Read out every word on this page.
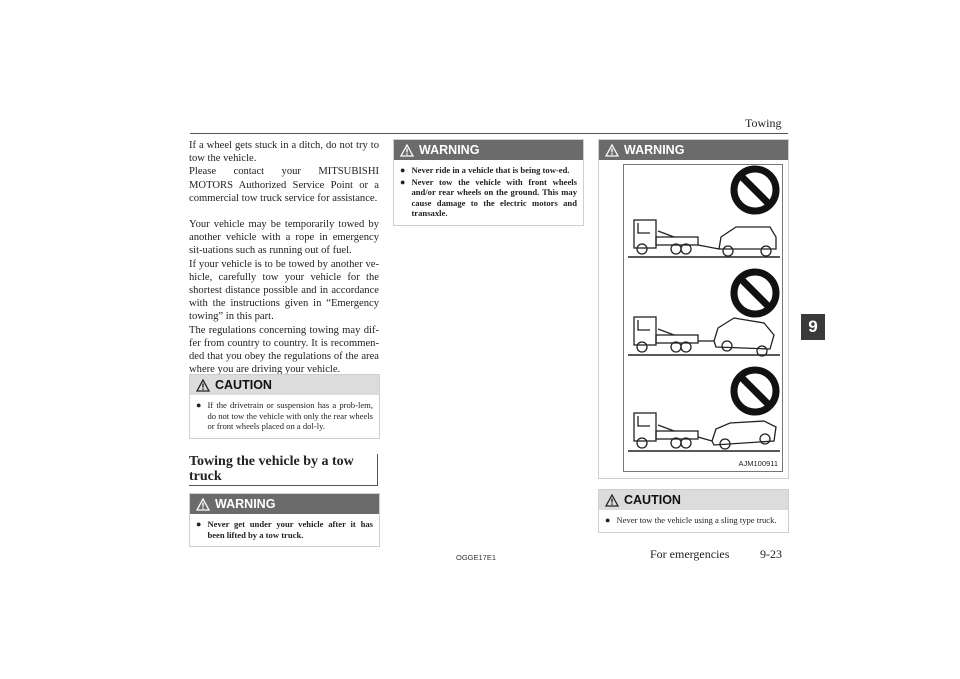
Towing
9

If a wheel gets stuck in a ditch, do not try to tow the vehicle.

Please contact your MITSUBISHI MOTORS Authorized Service Point or a commercial tow truck service for assistance.

Your vehicle may be temporarily towed by another vehicle with a rope in emergency sit-uations such as running out of fuel.

If your vehicle is to be towed by another ve-hicle, carefully tow your vehicle for the shortest distance possible and in accordance with the instructions given in “Emergency towing” in this part.

The regulations concerning towing may dif-fer from country to country. It is recommen-ded that you obey the regulations of the area where you are driving your vehicle.

CAUTION
● If the drivetrain or suspension has a prob-lem, do not tow the vehicle with only the rear wheels or front wheels placed on a dol-ly.
Towing the vehicle by a tow truck
WARNING
● Never get under your vehicle after it has been lifted by a tow truck.
WARNING
● Never ride in a vehicle that is being tow-ed.
● Never tow the vehicle with front wheels and/or rear wheels on the ground. This may cause damage to the electric motors and transaxle.
WARNING
AJM100911
CAUTION
● Never tow the vehicle using a sling type truck.
OGGE17E1	For emergencies	9-23
